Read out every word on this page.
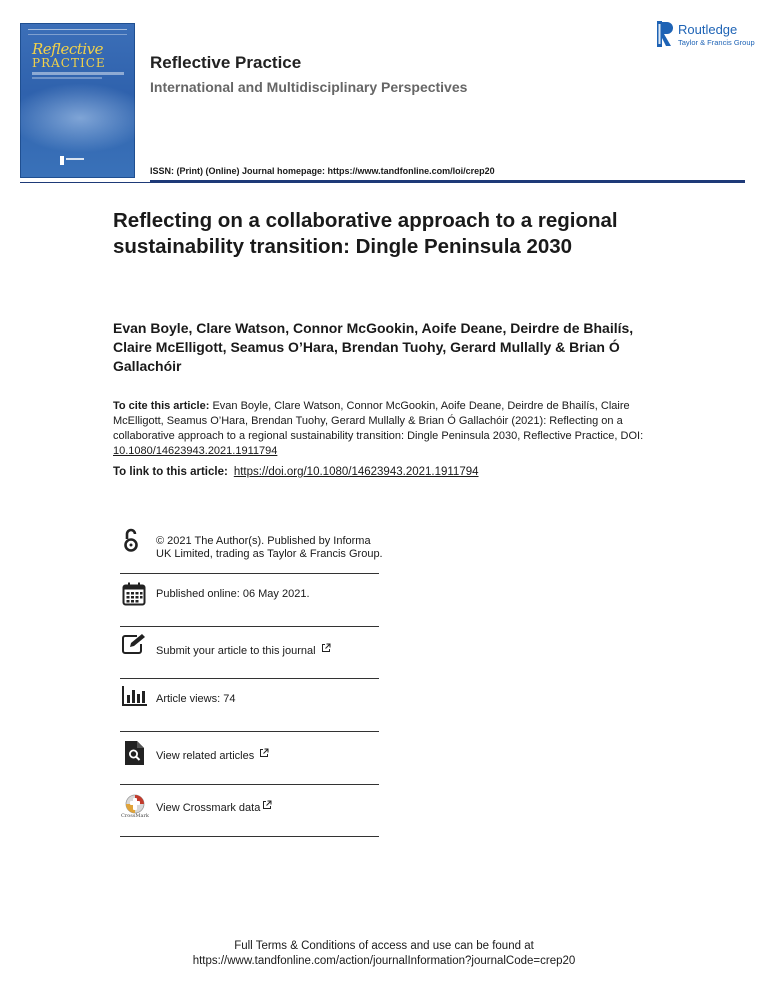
Reflective
PRACTICE	Reflective Practice
International and Multidisciplinary Perspectives
ISSN: (Print) (Online) Journal homepage: https://www.tandfonline.com/loi/crep20
Routledge
Taylor & Francis Group
Reflecting on a collaborative approach to a regional sustainability transition: Dingle Peninsula 2030
Evan Boyle, Clare Watson, Connor McGookin, Aoife Deane, Deirdre de Bhailís, Claire McElligott, Seamus O’Hara, Brendan Tuohy, Gerard Mullally & Brian Ó Gallachóir
To cite this article: Evan Boyle, Clare Watson, Connor McGookin, Aoife Deane, Deirdre de Bhailís, Claire McElligott, Seamus O’Hara, Brendan Tuohy, Gerard Mullally & Brian Ó Gallachóir (2021): Reflecting on a collaborative approach to a regional sustainability transition: Dingle Peninsula 2030, Reflective Practice, DOI: 10.1080/14623943.2021.1911794
To link to this article: https://doi.org/10.1080/14623943.2021.1911794
© 2021 The Author(s). Published by Informa UK Limited, trading as Taylor & Francis Group.
Published online: 06 May 2021.
Submit your article to this journal
Article views: 74
View related articles
CrossMark
View Crossmark data
Full Terms & Conditions of access and use can be found at
https://www.tandfonline.com/action/journalInformation?journalCode=crep20
